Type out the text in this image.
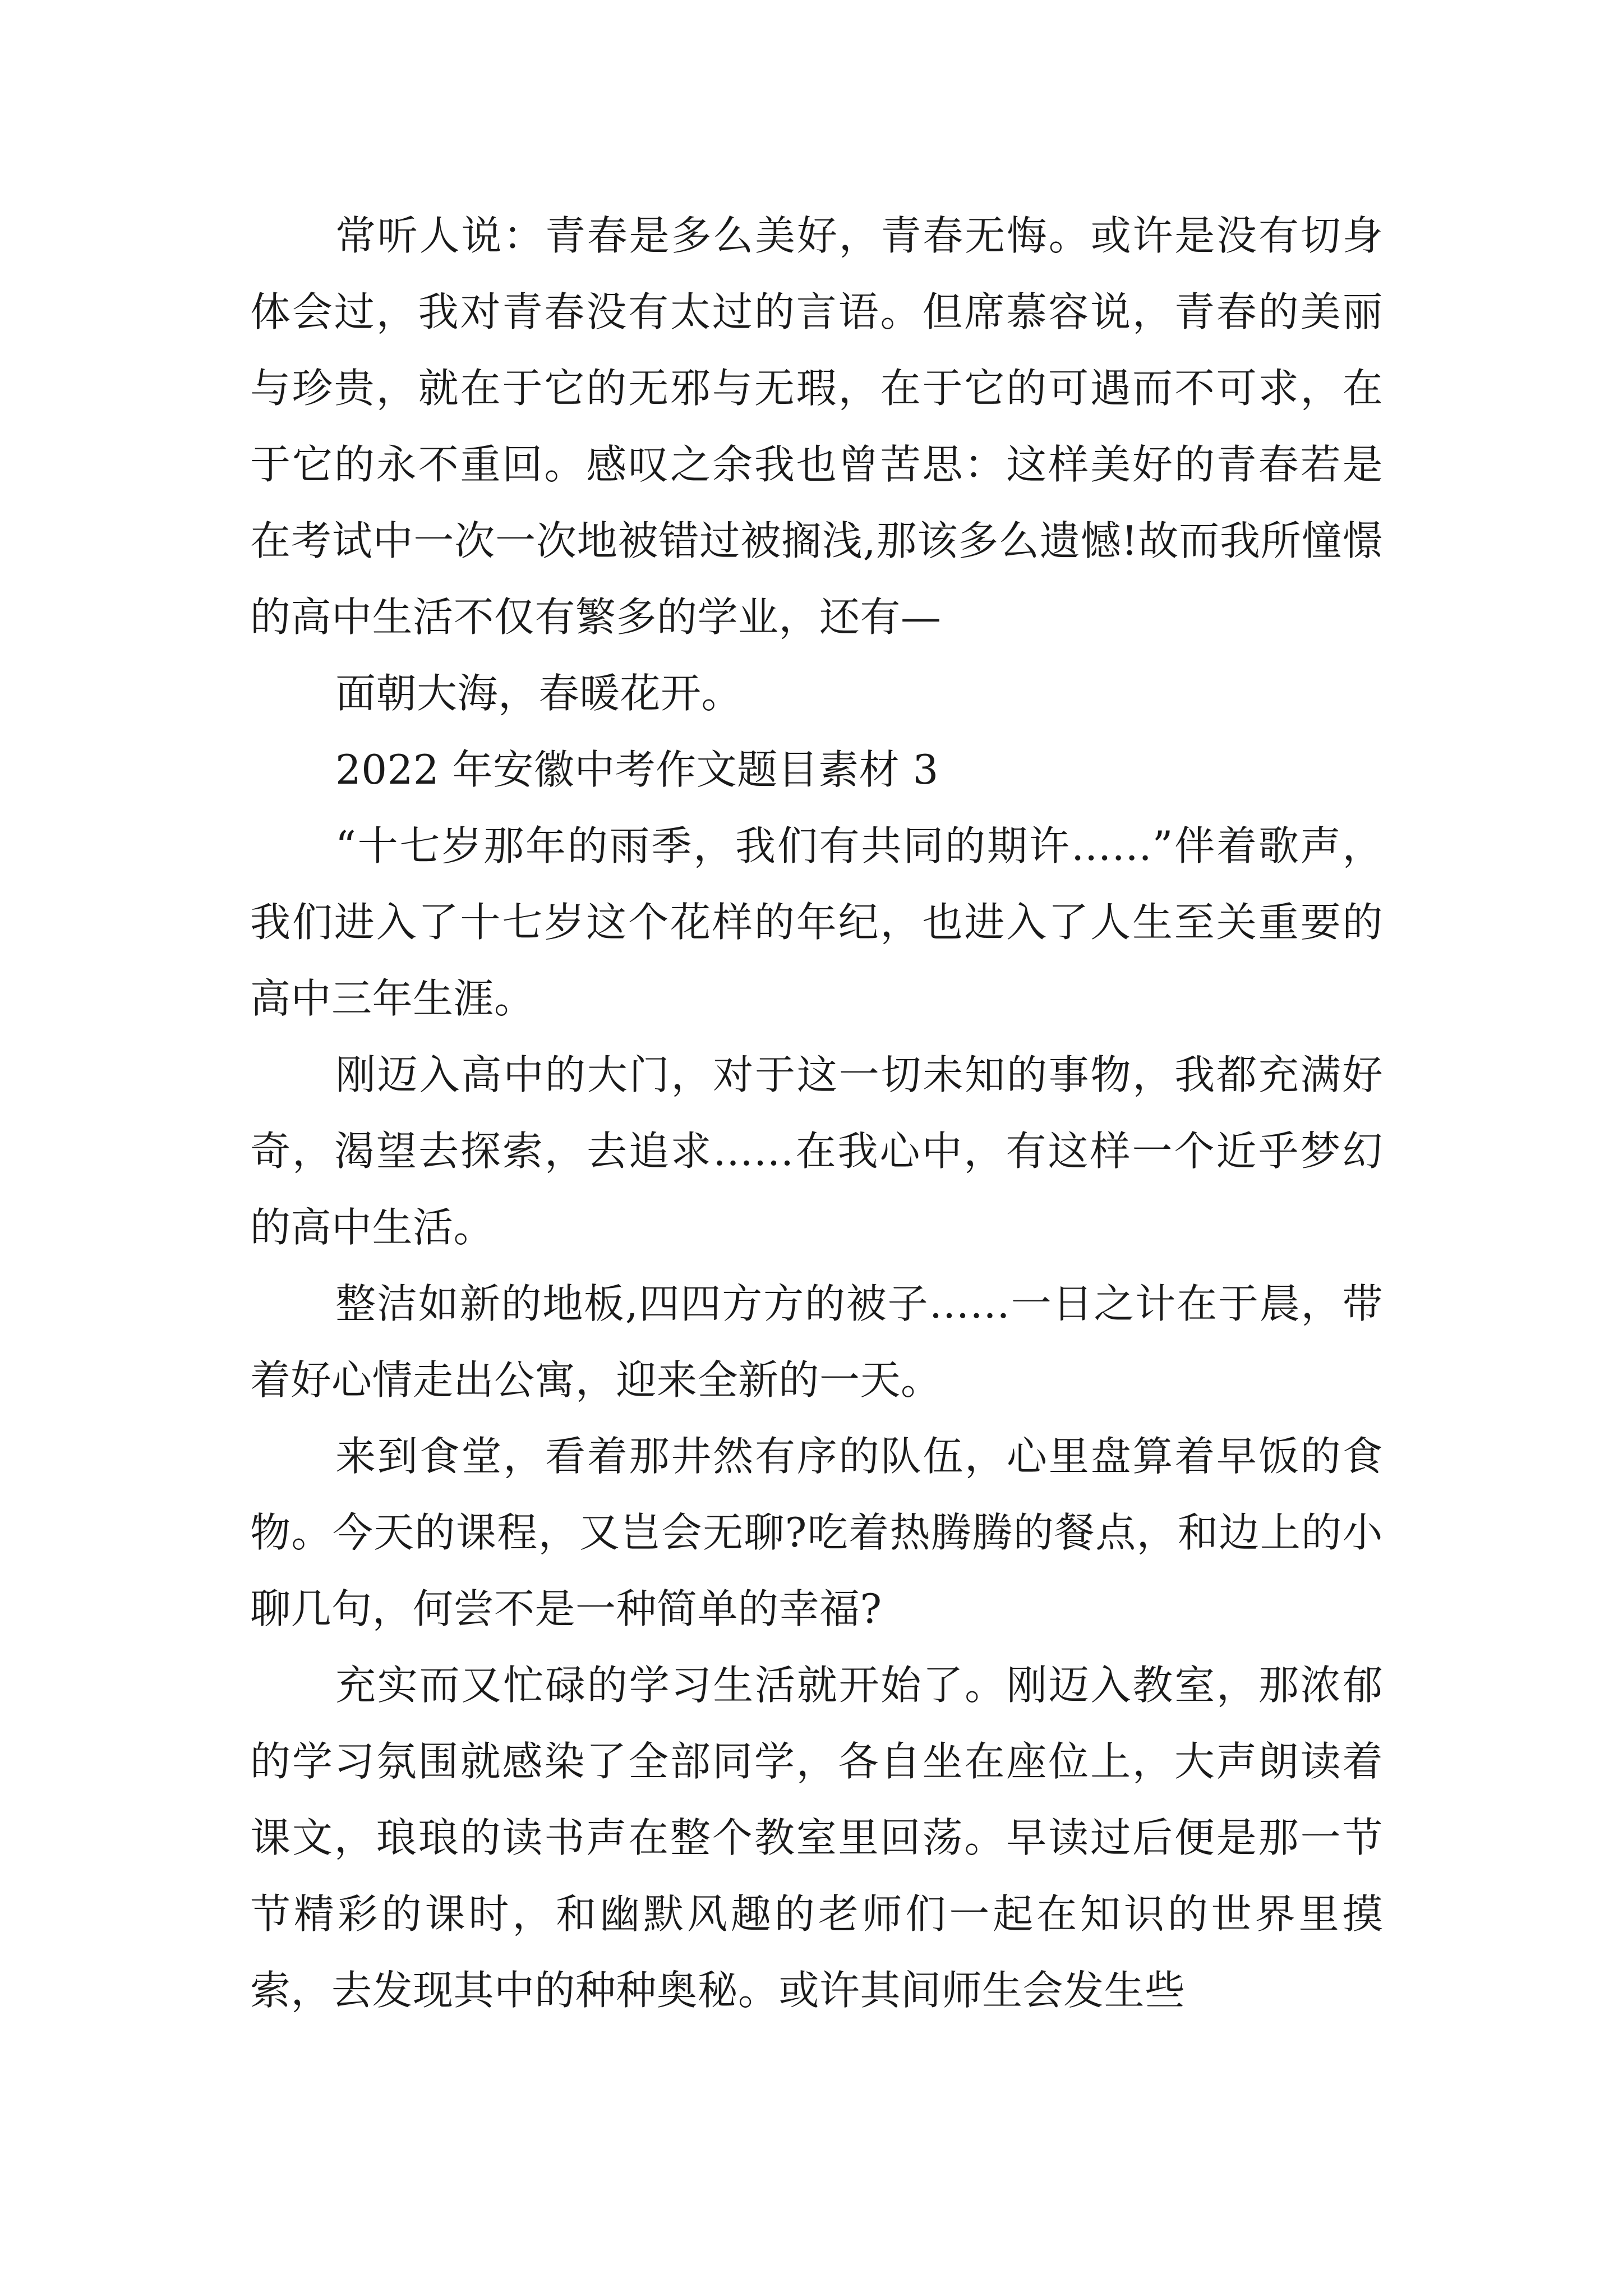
常听人说：青春是多么美好，青春无悔。或许是没有切身体会过，我对青春没有太过的言语。但席慕容说，青春的美丽与珍贵，就在于它的无邪与无瑕，在于它的可遇而不可求，在于它的永不重回。感叹之余我也曾苦思：这样美好的青春若是在考试中一次一次地被错过被搁浅,那该多么遗憾!故而我所憧憬的高中生活不仅有繁多的学业，还有—

面朝大海，春暖花开。

2022 年安徽中考作文题目素材 3

“十七岁那年的雨季，我们有共同的期许……”伴着歌声，我们进入了十七岁这个花样的年纪，也进入了人生至关重要的高中三年生涯。

刚迈入高中的大门，对于这一切未知的事物，我都充满好奇，渴望去探索，去追求……在我心中，有这样一个近乎梦幻的高中生活。

整洁如新的地板,四四方方的被子……一日之计在于晨，带着好心情走出公寓，迎来全新的一天。

来到食堂，看着那井然有序的队伍，心里盘算着早饭的食物。今天的课程，又岂会无聊?吃着热腾腾的餐点，和边上的小聊几句，何尝不是一种简单的幸福?

充实而又忙碌的学习生活就开始了。刚迈入教室，那浓郁的学习氛围就感染了全部同学，各自坐在座位上，大声朗读着课文，琅琅的读书声在整个教室里回荡。早读过后便是那一节节精彩的课时，和幽默风趣的老师们一起在知识的世界里摸索，去发现其中的种种奥秘。或许其间师生会发生些
